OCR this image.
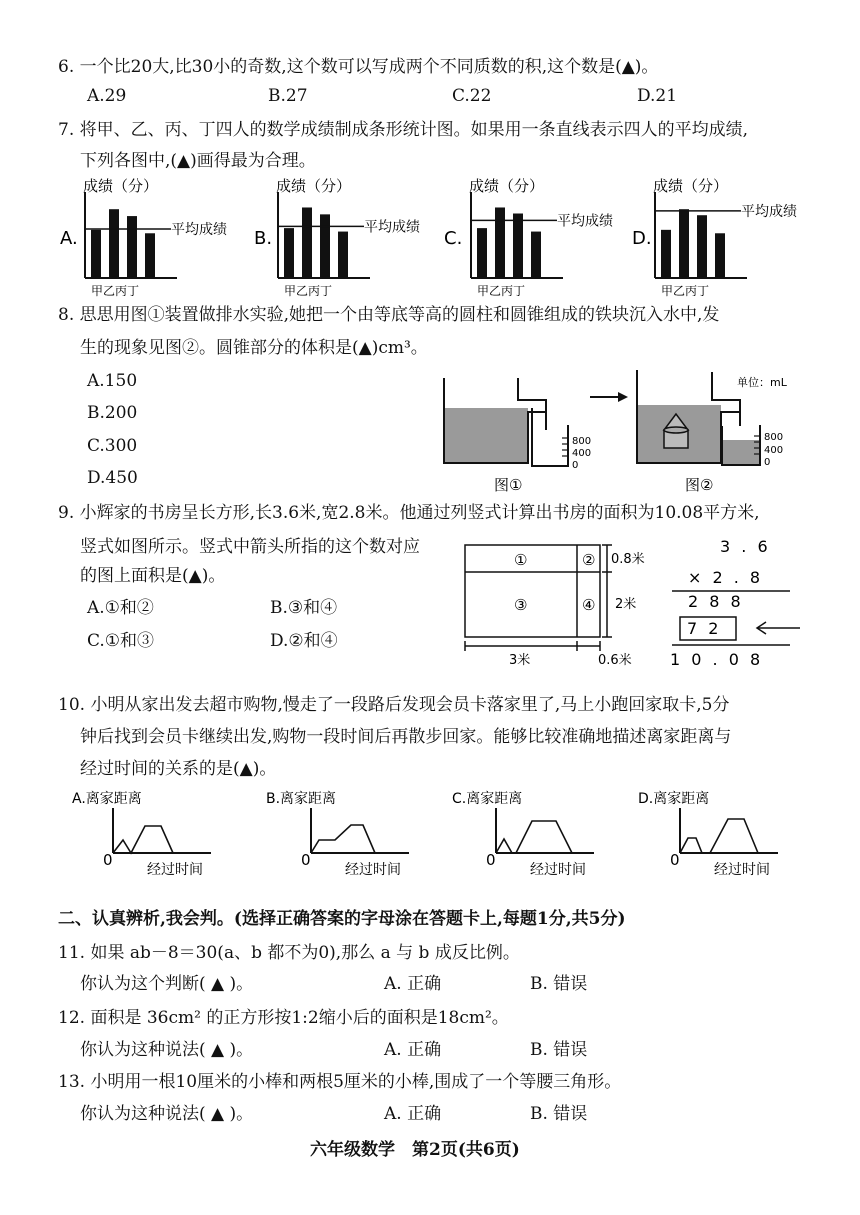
6. 一个比20大,比30小的奇数,这个数可以写成两个不同质数的积,这个数是(▲)。
A.29	B.27	C.22	D.21
7. 将甲、乙、丙、丁四人的数学成绩制成条形统计图。如果用一条直线表示四人的平均成绩,
下列各图中,(▲)画得最为合理。
成绩（分）
A.	平均成绩
甲乙丙丁
成绩（分）
B.
平均成绩
甲乙丙丁
成绩（分）
C.
平均成绩
甲乙丙丁
成绩（分）
D.
平均成绩
甲乙丙丁
8. 思思用图①装置做排水实验,她把一个由等底等高的圆柱和圆锥组成的铁块沉入水中,发
生的现象见图②。圆锥部分的体积是(▲)cm³。
A.150
B.200
C.300
D.450
800
400
0
图①
单位：mL
800
400
0
图②
9. 小辉家的书房呈长方形,长3.6米,宽2.8米。他通过列竖式计算出书房的面积为10.08平方米,
竖式如图所示。竖式中箭头所指的这个数对应
的图上面积是(▲)。
A.①和②	B.③和④
C.①和③	D.②和④
①	②
③	④
0.8米
2米
3米	0.6米
3 . 6
× 2 . 8
2 8 8
7 2
1 0 . 0 8
10. 小明从家出发去超市购物,慢走了一段路后发现会员卡落家里了,马上小跑回家取卡,5分
钟后找到会员卡继续出发,购物一段时间后再散步回家。能够比较准确地描述离家距离与
经过时间的关系的是(▲)。
A.离家距离
0
经过时间
B.离家距离
0
经过时间
C.离家距离
0
经过时间
D.离家距离
0
经过时间
二、认真辨析,我会判。(选择正确答案的字母涂在答题卡上,每题1分,共5分)
11. 如果 ab－8＝30(a、b 都不为0),那么 a 与 b 成反比例。
你认为这个判断( ▲ )。	A. 正确	B. 错误
12. 面积是 36cm² 的正方形按1:2缩小后的面积是18cm²。
你认为这种说法( ▲ )。	A. 正确	B. 错误
13. 小明用一根10厘米的小棒和两根5厘米的小棒,围成了一个等腰三角形。
你认为这种说法( ▲ )。	A. 正确	B. 错误
六年级数学　第2页(共6页)
